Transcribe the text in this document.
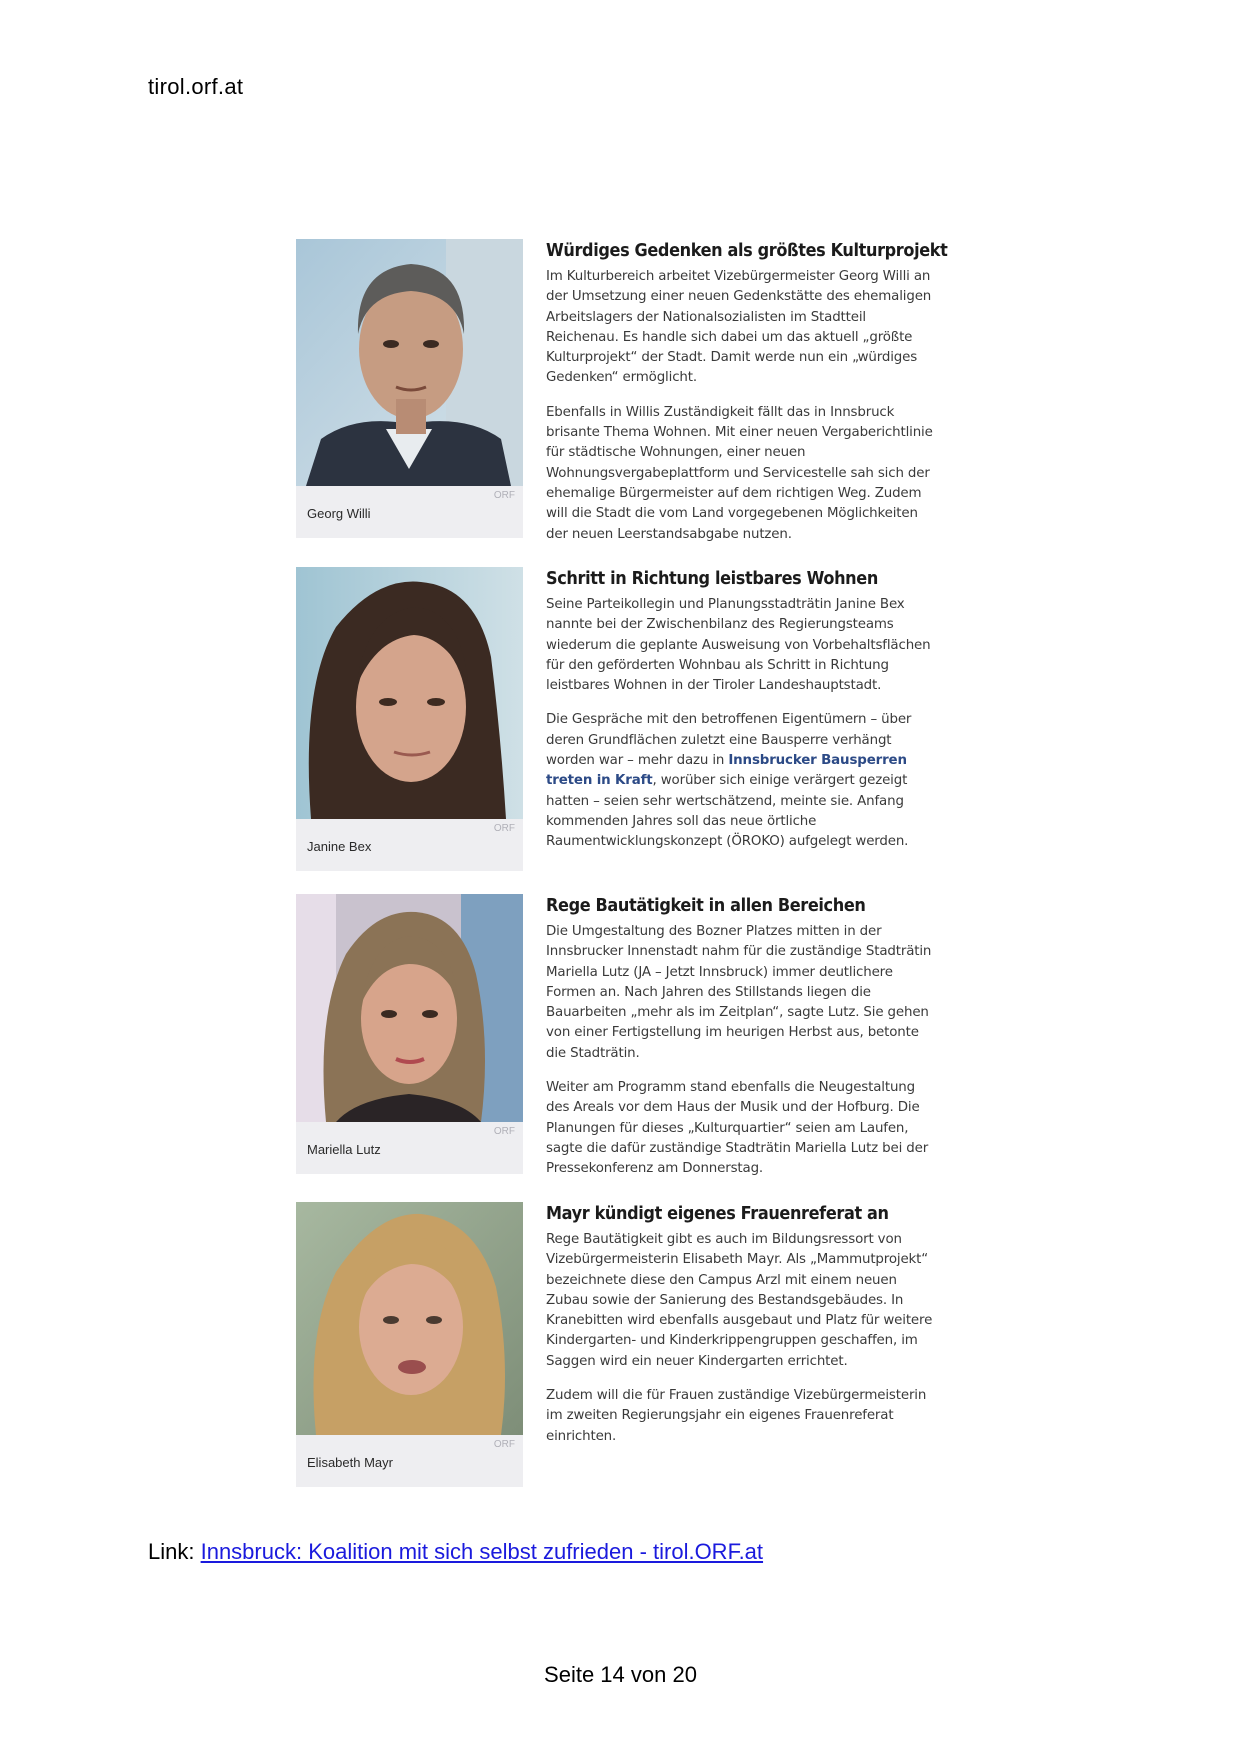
tirol.orf.at
ORF
Georg Willi
Würdiges Gedenken als größtes Kulturprojekt

Im Kulturbereich arbeitet Vizebürgermeister Georg Willi an der Umsetzung einer neuen Gedenkstätte des ehemaligen Arbeitslagers der Nationalsozialisten im Stadtteil Reichenau. Es handle sich dabei um das aktuell „größte Kulturprojekt“ der Stadt. Damit werde nun ein „würdiges Gedenken“ ermöglicht.

Ebenfalls in Willis Zuständigkeit fällt das in Innsbruck brisante Thema Wohnen. Mit einer neuen Vergaberichtlinie für städtische Wohnungen, einer neuen Wohnungsvergabeplattform und Servicestelle sah sich der ehemalige Bürgermeister auf dem richtigen Weg. Zudem will die Stadt die vom Land vorgegebenen Möglichkeiten der neuen Leerstandsabgabe nutzen.

ORF
Janine Bex
Schritt in Richtung leistbares Wohnen

Seine Parteikollegin und Planungsstadträtin Janine Bex nannte bei der Zwischenbilanz des Regierungsteams wiederum die geplante Ausweisung von Vorbehaltsflächen für den geförderten Wohnbau als Schritt in Richtung leistbares Wohnen in der Tiroler Landeshauptstadt.

Die Gespräche mit den betroffenen Eigentümern – über deren Grundflächen zuletzt eine Bausperre verhängt worden war – mehr dazu in Innsbrucker Bausperren treten in Kraft, worüber sich einige verärgert gezeigt hatten – seien sehr wertschätzend, meinte sie. Anfang kommenden Jahres soll das neue örtliche Raumentwicklungskonzept (ÖROKO) aufgelegt werden.

ORF
Mariella Lutz
Rege Bautätigkeit in allen Bereichen

Die Umgestaltung des Bozner Platzes mitten in der Innsbrucker Innenstadt nahm für die zuständige Stadträtin Mariella Lutz (JA – Jetzt Innsbruck) immer deutlichere Formen an. Nach Jahren des Stillstands liegen die Bauarbeiten „mehr als im Zeitplan“, sagte Lutz. Sie gehen von einer Fertigstellung im heurigen Herbst aus, betonte die Stadträtin.

Weiter am Programm stand ebenfalls die Neugestaltung des Areals vor dem Haus der Musik und der Hofburg. Die Planungen für dieses „Kulturquartier“ seien am Laufen, sagte die dafür zuständige Stadträtin Mariella Lutz bei der Pressekonferenz am Donnerstag.

ORF
Elisabeth Mayr
Mayr kündigt eigenes Frauenreferat an

Rege Bautätigkeit gibt es auch im Bildungsressort von Vizebürgermeisterin Elisabeth Mayr. Als „Mammutprojekt“ bezeichnete diese den Campus Arzl mit einem neuen Zubau sowie der Sanierung des Bestandsgebäudes. In Kranebitten wird ebenfalls ausgebaut und Platz für weitere Kindergarten- und Kinderkrippengruppen geschaffen, im Saggen wird ein neuer Kindergarten errichtet.

Zudem will die für Frauen zuständige Vizebürgermeisterin im zweiten Regierungsjahr ein eigenes Frauenreferat einrichten.

Link: Innsbruck: Koalition mit sich selbst zufrieden - tirol.ORF.at
Seite 14 von 20
